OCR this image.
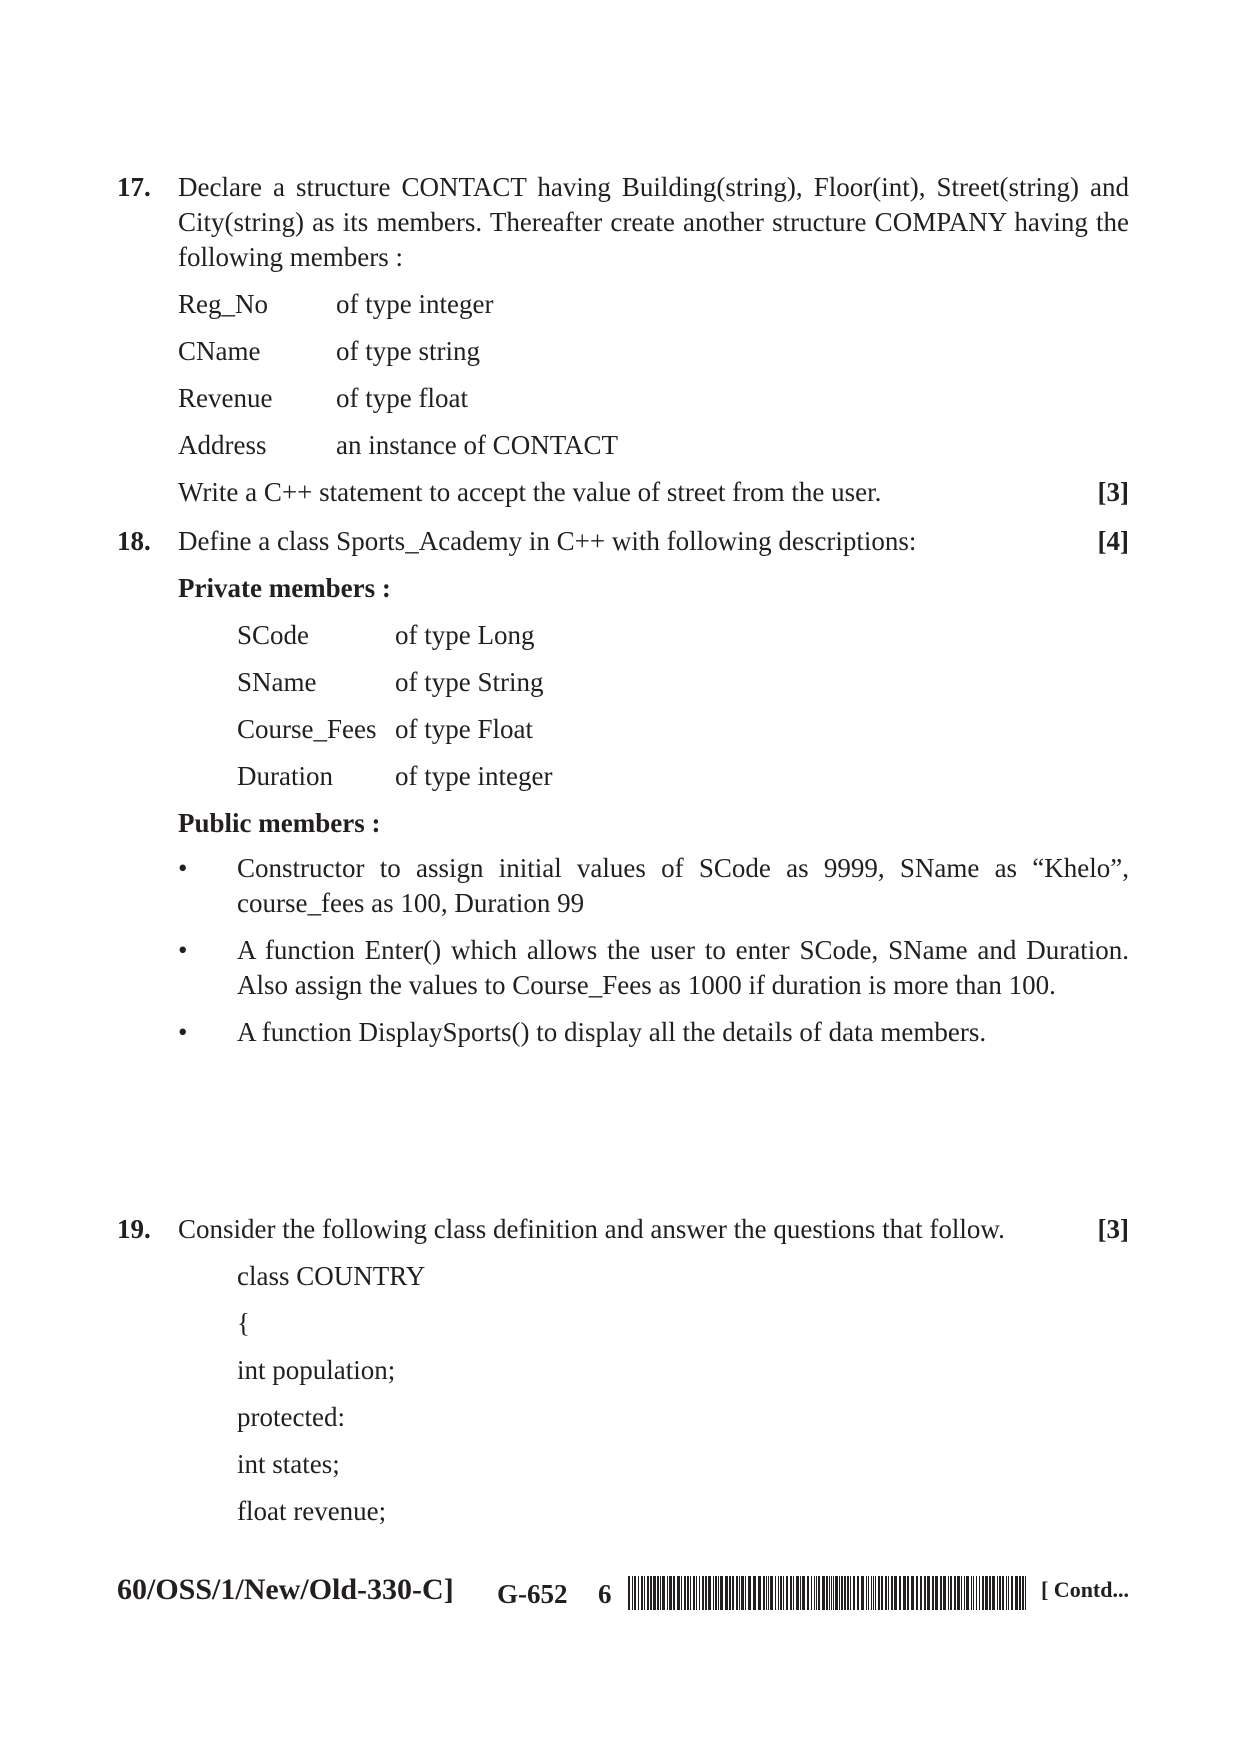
17. Declare a structure CONTACT having Building(string), Floor(int), Street(string) and City(string) as its members. Thereafter create another structure COMPANY having the following members :
Reg_No	of type integer
CName	of type string
Revenue of type float
Address	an instance of CONTACT
Write a C++ statement to accept the value of street from the user.	[3]
18. Define a class Sports_Academy in C++ with following descriptions:	[4]
Private members :
SCode	of type Long
SName	of type String
Course_Fees of type Float
Duration of type integer
Public members :
• Constructor to assign initial values of SCode as 9999, SName as “Khelo”, course_fees as 100, Duration 99
• A function Enter() which allows the user to enter SCode, SName and Duration. Also assign the values to Course_Fees as 1000 if duration is more than 100.
• A function DisplaySports() to display all the details of data members.
19. Consider the following class definition and answer the questions that follow.	[3]
class COUNTRY
{
int population;
protected:
int states;
float revenue;
60/OSS/1/New/Old-330-C] G-652 6	[ Contd...
